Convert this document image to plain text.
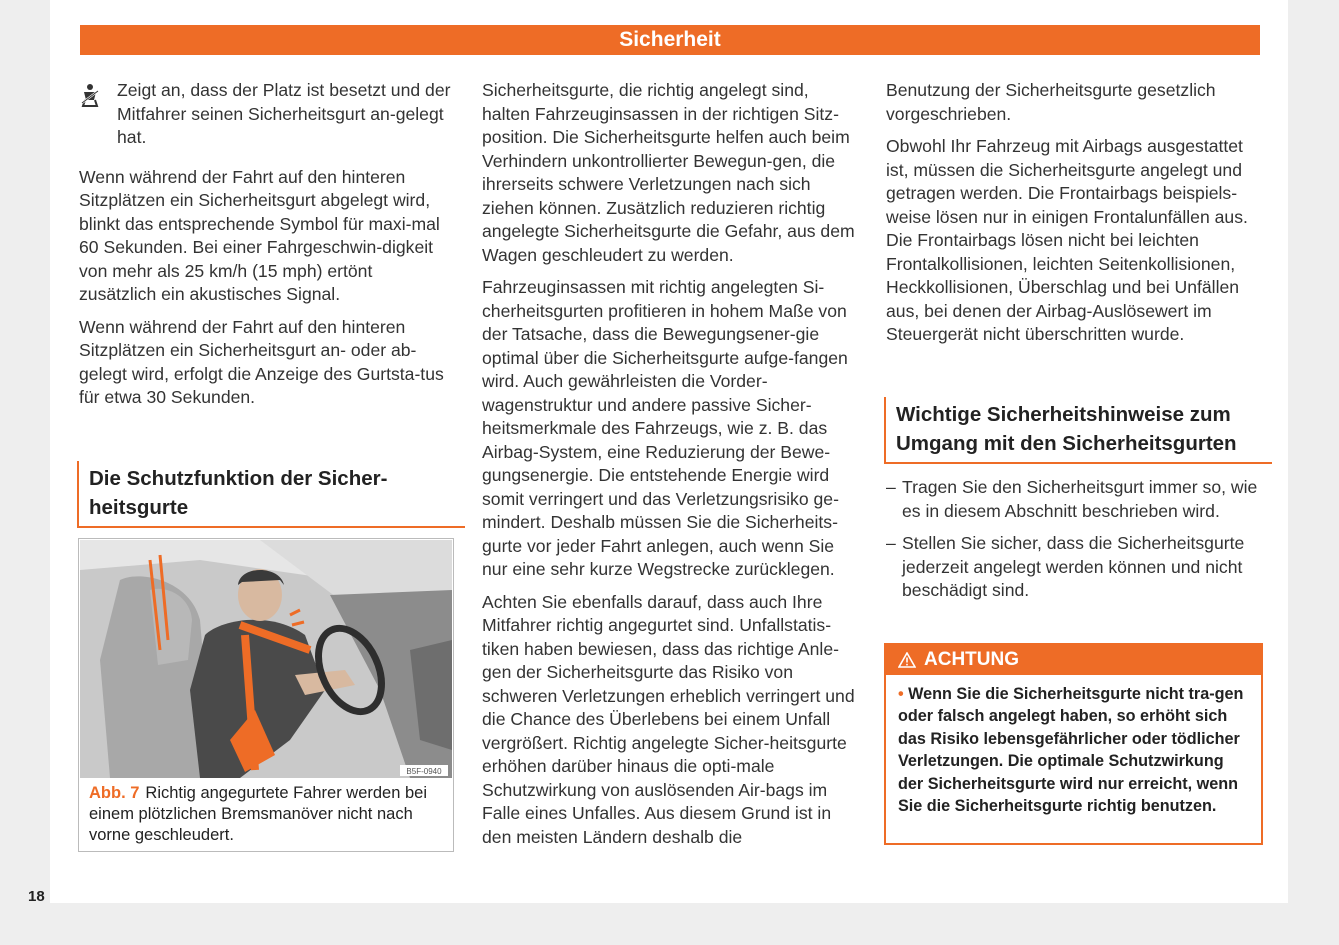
Sicherheit
Zeigt an, dass der Platz ist besetzt und der Mitfahrer seinen Sicherheitsgurt an-gelegt hat.

Wenn während der Fahrt auf den hinteren Sitzplätzen ein Sicherheitsgurt abgelegt wird, blinkt das entsprechende Symbol für maxi-mal 60 Sekunden. Bei einer Fahrgeschwin-digkeit von mehr als 25 km/h (15 mph) ertönt zusätzlich ein akustisches Signal.

Wenn während der Fahrt auf den hinteren Sitzplätzen ein Sicherheitsgurt an- oder ab-gelegt wird, erfolgt die Anzeige des Gurtsta-tus für etwa 30 Sekunden.

Die Schutzfunktion der Sicher-heitsgurte
B5F-0940
Abb. 7 Richtig angegurtete Fahrer werden bei einem plötzlichen Bremsmanöver nicht nach vorne geschleudert.

Sicherheitsgurte, die richtig angelegt sind, halten Fahrzeuginsassen in der richtigen Sitz-position. Die Sicherheitsgurte helfen auch beim Verhindern unkontrollierter Bewegun-gen, die ihrerseits schwere Verletzungen nach sich ziehen können. Zusätzlich reduzieren richtig angelegte Sicherheitsgurte die Gefahr, aus dem Wagen geschleudert zu werden.

Fahrzeuginsassen mit richtig angelegten Si-cherheitsgurten profitieren in hohem Maße von der Tatsache, dass die Bewegungsener-gie optimal über die Sicherheitsgurte aufge-fangen wird. Auch gewährleisten die Vorder-wagenstruktur und andere passive Sicher-heitsmerkmale des Fahrzeugs, wie z. B. das Airbag-System, eine Reduzierung der Bewe-gungsenergie. Die entstehende Energie wird somit verringert und das Verletzungsrisiko ge-mindert. Deshalb müssen Sie die Sicherheits-gurte vor jeder Fahrt anlegen, auch wenn Sie nur eine sehr kurze Wegstrecke zurücklegen.

Achten Sie ebenfalls darauf, dass auch Ihre Mitfahrer richtig angegurtet sind. Unfallstatis-tiken haben bewiesen, dass das richtige Anle-gen der Sicherheitsgurte das Risiko von schweren Verletzungen erheblich verringert und die Chance des Überlebens bei einem Unfall vergrößert. Richtig angelegte Sicher-heitsgurte erhöhen darüber hinaus die opti-male Schutzwirkung von auslösenden Air-bags im Falle eines Unfalles. Aus diesem Grund ist in den meisten Ländern deshalb die

Benutzung der Sicherheitsgurte gesetzlich vorgeschrieben.

Obwohl Ihr Fahrzeug mit Airbags ausgestattet ist, müssen die Sicherheitsgurte angelegt und getragen werden. Die Frontairbags beispiels-weise lösen nur in einigen Frontalunfällen aus. Die Frontairbags lösen nicht bei leichten Frontalkollisionen, leichten Seitenkollisionen, Heckkollisionen, Überschlag und bei Unfällen aus, bei denen der Airbag-Auslösewert im Steuergerät nicht überschritten wurde.

Wichtige Sicherheitshinweise zum Umgang mit den Sicherheitsgurten
– Tragen Sie den Sicherheitsgurt immer so, wie es in diesem Abschnitt beschrieben wird.
– Stellen Sie sicher, dass die Sicherheitsgurte jederzeit angelegt werden können und nicht beschädigt sind.
ACHTUNG
• Wenn Sie die Sicherheitsgurte nicht tra-gen oder falsch angelegt haben, so erhöht sich das Risiko lebensgefährlicher oder tödlicher Verletzungen. Die optimale Schutzwirkung der Sicherheitsgurte wird nur erreicht, wenn Sie die Sicherheitsgurte richtig benutzen.
18
